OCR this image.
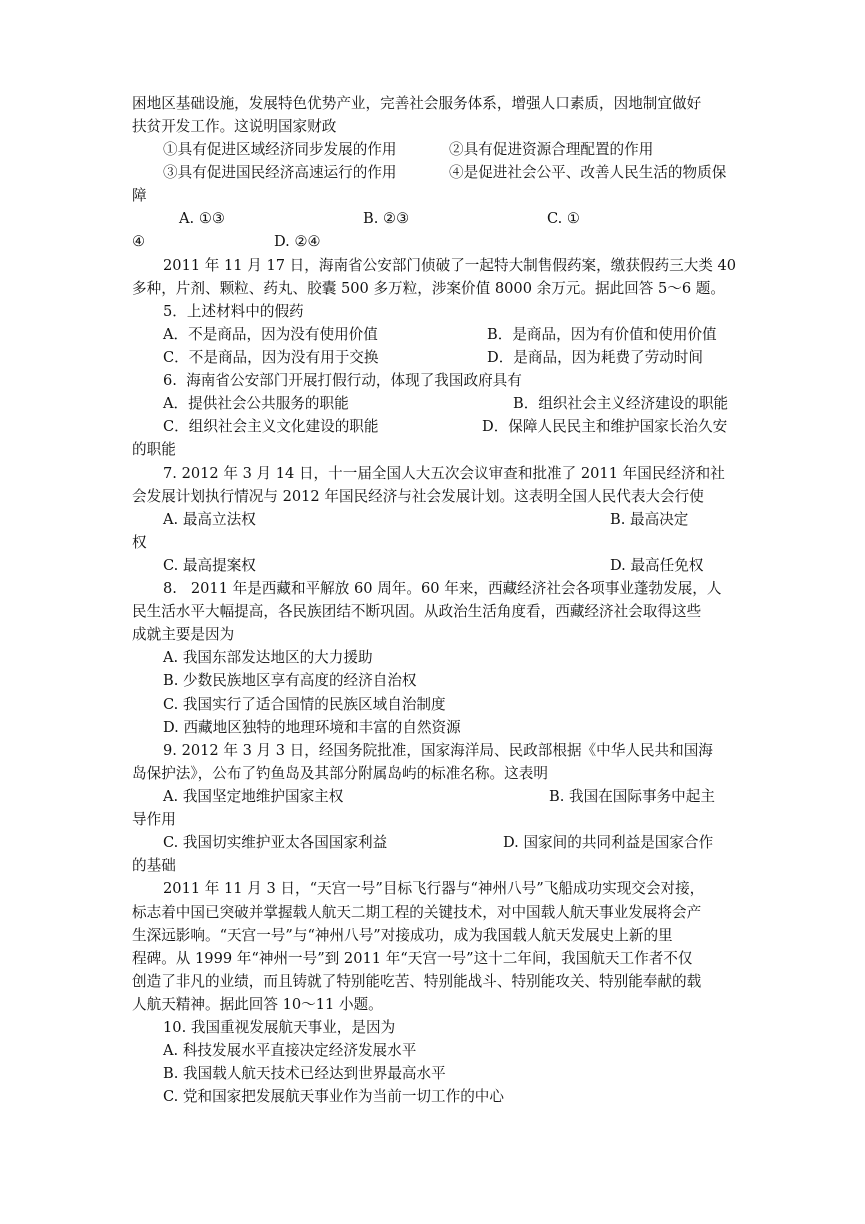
困地区基础设施，发展特色优势产业，完善社会服务体系，增强人口素质，因地制宜做好
扶贫开发工作。这说明国家财政
①具有促进区域经济同步发展的作用	②具有促进资源合理配置的作用
③具有促进国民经济高速运行的作用	④是促进社会公平、改善人民生活的物质保
障
A. ①③	B. ②③	C. ①
④	D. ②④
2011 年 11 月 17 日，海南省公安部门侦破了一起特大制售假药案，缴获假药三大类 40
多种，片剂、颗粒、药丸、胶囊 500 多万粒，涉案价值 8000 余万元。据此回答 5～6 题。
5．上述材料中的假药
A．不是商品，因为没有使用价值	B．是商品，因为有价值和使用价值
C．不是商品，因为没有用于交换	D．是商品，因为耗费了劳动时间
6.  海南省公安部门开展打假行动，体现了我国政府具有
A．提供社会公共服务的职能	B．组织社会主义经济建设的职能
C．组织社会主义文化建设的职能	D．保障人民民主和维护国家长治久安
的职能
7. 2012 年 3 月 14 日，十一届全国人大五次会议审查和批准了 2011 年国民经济和社
会发展计划执行情况与 2012 年国民经济与社会发展计划。这表明全国人民代表大会行使
A. 最高立法权	B. 最高决定
权
C. 最高提案权	D. 最高任免权
8.   2011 年是西藏和平解放 60 周年。60 年来，西藏经济社会各项事业蓬勃发展，人
民生活水平大幅提高，各民族团结不断巩固。从政治生活角度看，西藏经济社会取得这些
成就主要是因为
A. 我国东部发达地区的大力援助
B. 少数民族地区享有高度的经济自治权
C. 我国实行了适合国情的民族区域自治制度
D. 西藏地区独特的地理环境和丰富的自然资源
9. 2012 年 3 月 3 日，经国务院批准，国家海洋局、民政部根据《中华人民共和国海
岛保护法》，公布了钓鱼岛及其部分附属岛屿的标准名称。这表明
A. 我国坚定地维护国家主权	B. 我国在国际事务中起主
导作用
C. 我国切实维护亚太各国国家利益	D. 国家间的共同利益是国家合作
的基础
2011 年 11 月 3 日，“天宫一号”目标飞行器与“神州八号”飞船成功实现交会对接，
标志着中国已突破并掌握载人航天二期工程的关键技术，对中国载人航天事业发展将会产
生深远影响。“天宫一号”与“神州八号”对接成功，成为我国载人航天发展史上新的里
程碑。从 1999 年“神州一号”到 2011 年“天宫一号”这十二年间，我国航天工作者不仅
创造了非凡的业绩，而且铸就了特别能吃苦、特别能战斗、特别能攻关、特别能奉献的载
人航天精神。据此回答 10～11 小题。
10. 我国重视发展航天事业，是因为
A. 科技发展水平直接决定经济发展水平
B. 我国载人航天技术已经达到世界最高水平
C. 党和国家把发展航天事业作为当前一切工作的中心
